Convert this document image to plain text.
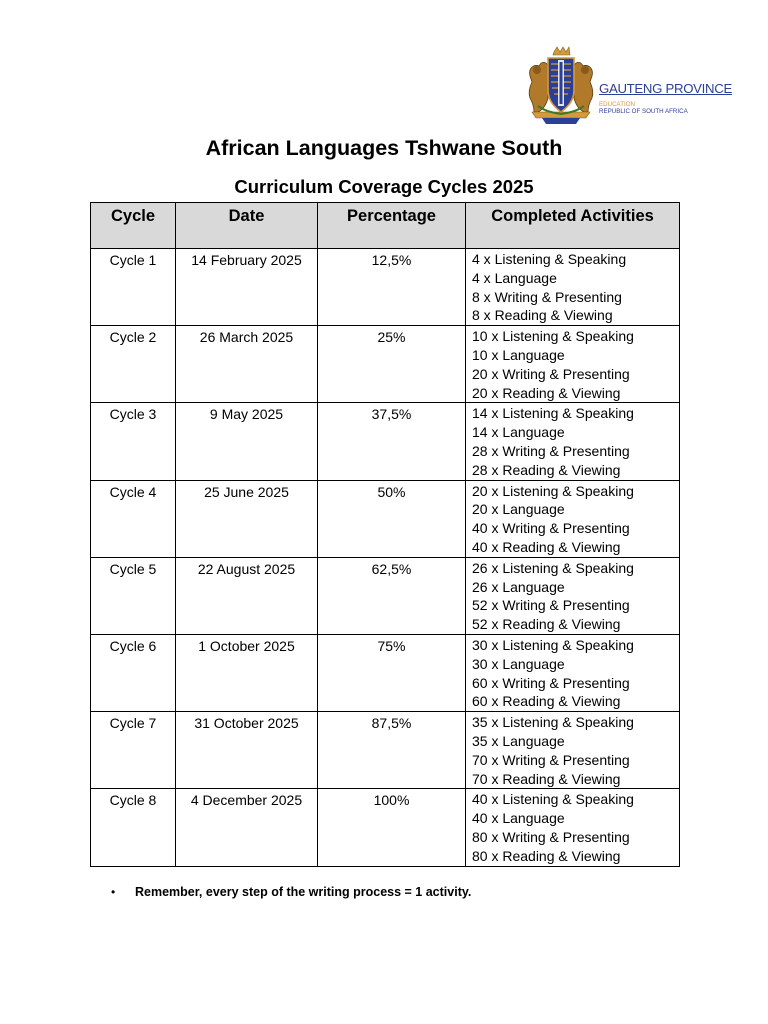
GAUTENG PROVINCE
EDUCATION
REPUBLIC OF SOUTH AFRICA
African Languages Tshwane South
Curriculum Coverage Cycles 2025
Cycle	Date	Percentage	Completed Activities
Cycle 1	14 February 2025	12,5%	4 x Listening & Speaking
4 x Language
8 x Writing & Presenting
8 x Reading & Viewing

Cycle 2	26 March 2025	25%	10 x Listening & Speaking
10 x Language
20 x Writing & Presenting
20 x Reading & Viewing

Cycle 3	9 May 2025	37,5%	14 x Listening & Speaking
14 x Language
28 x Writing & Presenting
28 x Reading & Viewing

Cycle 4	25 June 2025	50%	20 x Listening & Speaking
20 x Language
40 x Writing & Presenting
40 x Reading & Viewing

Cycle 5	22 August 2025	62,5%	26 x Listening & Speaking
26 x Language
52 x Writing & Presenting
52 x Reading & Viewing

Cycle 6	1 October 2025	75%	30 x Listening & Speaking
30 x Language
60 x Writing & Presenting
60 x Reading & Viewing

Cycle 7	31 October 2025	87,5%	35 x Listening & Speaking
35 x Language
70 x Writing & Presenting
70 x Reading & Viewing

Cycle 8	4 December 2025	100%	40 x Listening & Speaking
40 x Language
80 x Writing & Presenting
80 x Reading & Viewing
• Remember, every step of the writing process = 1 activity.
